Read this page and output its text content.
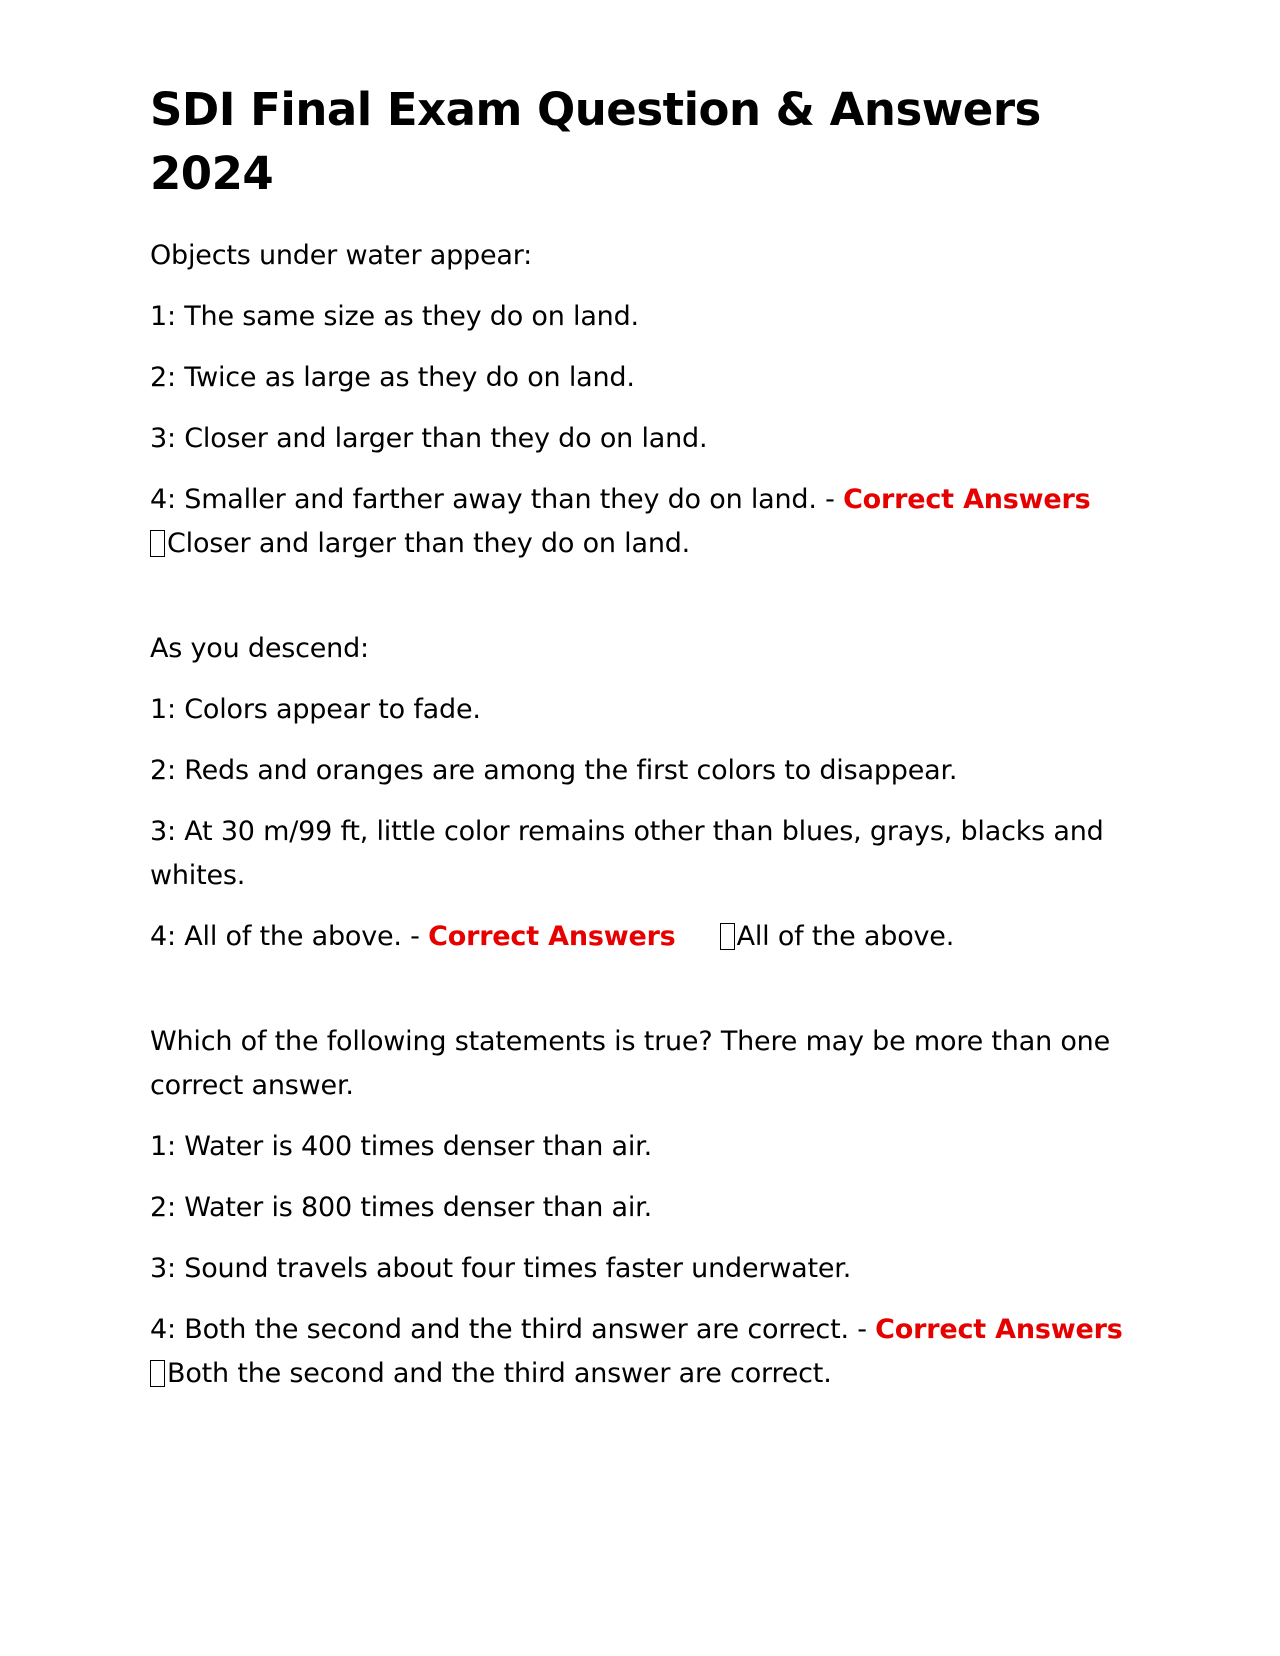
SDI Final Exam Question & Answers 2024

Objects under water appear:

1: The same size as they do on land.

2: Twice as large as they do on land.

3: Closer and larger than they do on land.

4: Smaller and farther away than they do on land. - Correct Answers
Closer and larger than they do on land.

As you descend:

1: Colors appear to fade.

2: Reds and oranges are among the first colors to disappear.

3: At 30 m/99 ft, little color remains other than blues, grays, blacks and whites.

4: All of the above. - Correct Answers All of the above.

Which of the following statements is true? There may be more than one correct answer.

1: Water is 400 times denser than air.

2: Water is 800 times denser than air.

3: Sound travels about four times faster underwater.

4: Both the second and the third answer are correct. - Correct Answers
Both the second and the third answer are correct.
